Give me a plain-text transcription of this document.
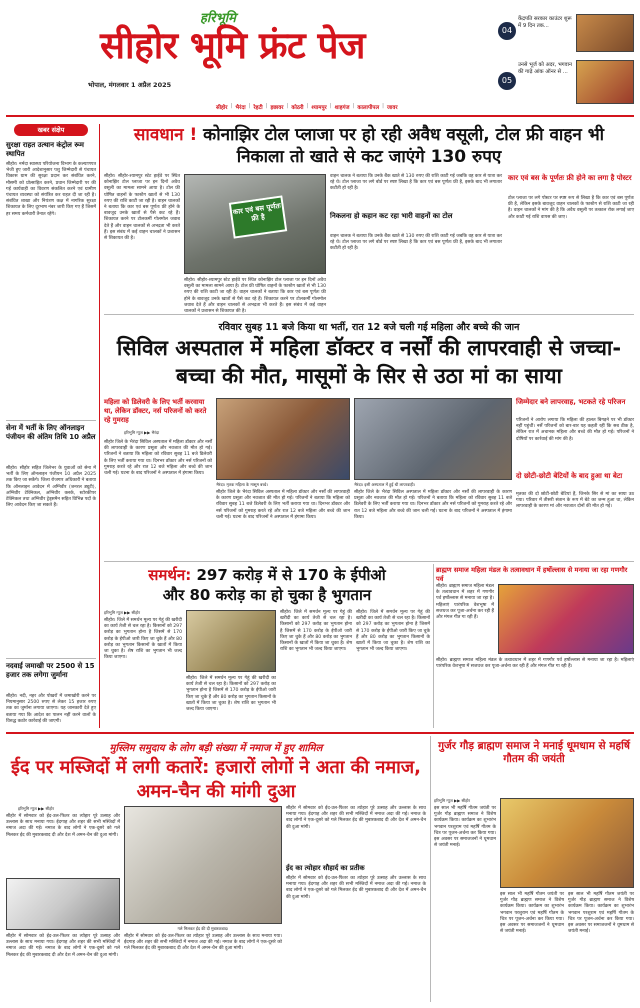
हरिभूमि
सीहोर भूमि फ्रंट पेज
भोपाल, मंगलवार 1 अप्रैल 2025
04
केंद्रपति सरकार काउंटर शुरू में 9 दिन तक...
05
उनसे भूर्ज को अदर, भगवान की गाढ़े आंक ऑनर से ...
सीहोर | भैरंदा | रेहटी | इछावर | कोठरी | श्यामपुर | शाहगंज | कालापीपल | जावर
खबर संक्षेप
सुरक्षा राहत उत्थान कंट्रोल रूम स्थापित
सीहोर। नर्मदा स्वास्थ्य परियोजना विभाग के कल्याणपत्र भेजी हुए जारी आदेशानुसार पशु जिम्मेदारी से पंचायत विकास ग्राम की सुरक्षा प्रदान कर संबंधित करने, मौसमी को प्रोत्साहित करने, प्रधान जिम्मेदारी पर की गई कार्यवाही का विवरण संकलित करने एवं ग्रामीण पंचायत व्यवस्था को संयंत्रित कर राहत दी जा रही है। संबंधित शाखा और नियंत्रण कक्ष में नागरिक सुरक्षा शिकायत के लिए दूरभाष नंबर जारी किए गए हैं जिसमें हर समय कर्मचारी तैनात रहेंगे।
सेना में भर्ती के लिए ऑनलाइन पंजीयन की अंतिम तिथि 10 अप्रैल
सीहोर। सीहोर सहित जिलेभर के युवाओं को सेना में भर्ती के लिए ऑनलाइन पंजीयन 10 अप्रैल 2025 तक किए जा सकेंगे। जिला रोजगार अधिकारी ने बताया कि ऑनलाइन आवेदन में अग्निवीर (जनरल ड्यूटी), अग्निवीर टेक्निकल, अग्निवीर क्लर्क, स्टोरकीपर टेक्निकल तथा अग्निवीर ट्रेड्समैन सहित विभिन्न पदों के लिए आवेदन किए जा सकते हैं।
नदवाई जमाखी पर 2500 से 15 हजार तक लगेगा जुर्माना
सीहोर। नदी, नहर और पोखरों में जमाखोरी करने पर नियमानुसार 2500 रुपए से लेकर 15 हजार रुपए तक का जुर्माना लगाया जाएगा। यह जानकारी देते हुए बताया गया कि आदेश का पालन नहीं करने वालों के विरुद्ध कठोर कार्रवाई की जाएगी।
सावधान ! कोनाझिर टोल प्लाजा पर हो रही अवैध वसूली, टोल फ्री वाहन भी निकाला तो खाते से कट जाएंगे 130 रुपए
सीहोर। सीहोर-श्यामपुर स्टेट हाईवे पर स्थित कोनाझिर टोल प्लाजा पर इन दिनों अवैध वसूली का मामला सामने आया है। टोल फ्री घोषित वाहनों के फास्टैग खातों से भी 130 रुपए की राशि काटी जा रही है। वाहन चालकों ने बताया कि कार एवं बस पूर्णतः फ्री होने के बावजूद उनके खातों से पैसे कट रहे हैं। शिकायत करने पर टोलकर्मी गोलमोल जवाब देते हैं और वाहन चालकों से अभद्रता भी करते हैं। इस संबंध में कई वाहन चालकों ने प्रशासन से शिकायत की है।
कार एवं बस पूर्णतः फ्री है
सीहोर। सीहोर-श्यामपुर स्टेट हाईवे पर स्थित कोनाझिर टोल प्लाजा पर इन दिनों अवैध वसूली का मामला सामने आया है। टोल फ्री घोषित वाहनों के फास्टैग खातों से भी 130 रुपए की राशि काटी जा रही है। वाहन चालकों ने बताया कि कार एवं बस पूर्णतः फ्री होने के बावजूद उनके खातों से पैसे कट रहे हैं। शिकायत करने पर टोलकर्मी गोलमोल जवाब देते हैं और वाहन चालकों से अभद्रता भी करते हैं। इस संबंध में कई वाहन चालकों ने प्रशासन से शिकायत की है।
वाहन चालक ने बताया कि उनके बैंक खाते से 130 रुपए की राशि काटी गई जबकि वह कार से यात्रा कर रहे थे। टोल प्लाजा पर लगे बोर्ड पर स्पष्ट लिखा है कि कार एवं बस पूर्णतः फ्री है, इसके बाद भी लगातार कटौती हो रही है।
निकलना हो कहान कट रहा भारी वाहनों का टोल
वाहन चालक ने बताया कि उनके बैंक खाते से 130 रुपए की राशि काटी गई जबकि वह कार से यात्रा कर रहे थे। टोल प्लाजा पर लगे बोर्ड पर स्पष्ट लिखा है कि कार एवं बस पूर्णतः फ्री है, इसके बाद भी लगातार कटौती हो रही है।
कार एवं बस के पूर्णतः फ्री होने का लगा है पोस्टर
टोल प्लाजा पर लगे पोस्टर पर स्पष्ट रूप से लिखा है कि कार एवं बस पूर्णतः फ्री है, लेकिन इसके बावजूद वाहन चालकों के फास्टैग से राशि काटी जा रही है। वाहन चालकों ने मांग की है कि अवैध वसूली पर तत्काल रोक लगाई जाए और काटी गई राशि वापस की जाए।
रविवार सुबह 11 बजे किया था भर्ती, रात 12 बजे चली गई महिला और बच्चे की जान
सिविल अस्पताल में महिला डॉक्टर व नर्सों की लापरवाही से जच्चा-बच्चा की मौत, मासूमों के सिर से उठा मां का साया
महिला को डिलेवरी के लिए भर्ती करवाया था, लेकिन डॉक्टर, नर्स परिजनों को करते रहे गुमराह
हरिभूमि न्यूज ▶▶ भैरंदा
सीहोर जिले के भैरंदा सिविल अस्पताल में महिला डॉक्टर और नर्सों की लापरवाही के कारण प्रसूता और नवजात की मौत हो गई। परिजनों ने बताया कि महिला को रविवार सुबह 11 बजे डिलेवरी के लिए भर्ती कराया गया था। दिनभर डॉक्टर और नर्स परिजनों को गुमराह करते रहे और रात 12 बजे महिला और बच्चे की जान चली गई। घटना के बाद परिजनों ने अस्पताल में हंगामा किया।
भैरंदा। मृतक महिला के मासूम बच्चे।
सीहोर जिले के भैरंदा सिविल अस्पताल में महिला डॉक्टर और नर्सों की लापरवाही के कारण प्रसूता और नवजात की मौत हो गई। परिजनों ने बताया कि महिला को रविवार सुबह 11 बजे डिलेवरी के लिए भर्ती कराया गया था। दिनभर डॉक्टर और नर्स परिजनों को गुमराह करते रहे और रात 12 बजे महिला और बच्चे की जान चली गई। घटना के बाद परिजनों ने अस्पताल में हंगामा किया।
भैरंदा। इसी अस्पताल में हुई थी लापरवाही।
सीहोर जिले के भैरंदा सिविल अस्पताल में महिला डॉक्टर और नर्सों की लापरवाही के कारण प्रसूता और नवजात की मौत हो गई। परिजनों ने बताया कि महिला को रविवार सुबह 11 बजे डिलेवरी के लिए भर्ती कराया गया था। दिनभर डॉक्टर और नर्स परिजनों को गुमराह करते रहे और रात 12 बजे महिला और बच्चे की जान चली गई। घटना के बाद परिजनों ने अस्पताल में हंगामा किया।
जिम्मेदार बने लापरवाह, भटकते रहे परिजन
परिजनों ने आरोप लगाया कि महिला की हालत बिगड़ने पर भी डॉक्टर नहीं पहुंचीं। नर्सें परिजनों को बार-बार यह कहती रहीं कि सब ठीक है, लेकिन रात में अचानक महिला और बच्चे की मौत हो गई। परिजनों ने दोषियों पर कार्रवाई की मांग की है।
दो छोटी-छोटी बेटियों के बाद हुआ था बेटा
मृतका की दो छोटी-छोटी बेटियां हैं, जिनके सिर से मां का साया उठ गया। परिवार में तीसरी संतान के रूप में बेटे का जन्म हुआ था, लेकिन लापरवाही के कारण मां और नवजात दोनों की मौत हो गई।
समर्थन: 297 करोड़ में से 170 के ईपीओ
और 80 करोड़ का हो चुका है भुगतान
हरिभूमि न्यूज ▶▶ सीहोर
सीहोर। जिले में समर्थन मूल्य पर गेहूं की खरीदी का कार्य तेजी से चल रहा है। किसानों को 297 करोड़ का भुगतान होना है जिसमें से 170 करोड़ के ईपीओ जारी किए जा चुके हैं और 80 करोड़ का भुगतान किसानों के खातों में किया जा चुका है। शेष राशि का भुगतान भी जल्द किया जाएगा।
सीहोर। जिले में समर्थन मूल्य पर गेहूं की खरीदी का कार्य तेजी से चल रहा है। किसानों को 297 करोड़ का भुगतान होना है जिसमें से 170 करोड़ के ईपीओ जारी किए जा चुके हैं और 80 करोड़ का भुगतान किसानों के खातों में किया जा चुका है। शेष राशि का भुगतान भी जल्द किया जाएगा।
सीहोर। जिले में समर्थन मूल्य पर गेहूं की खरीदी का कार्य तेजी से चल रहा है। किसानों को 297 करोड़ का भुगतान होना है जिसमें से 170 करोड़ के ईपीओ जारी किए जा चुके हैं और 80 करोड़ का भुगतान किसानों के खातों में किया जा चुका है। शेष राशि का भुगतान भी जल्द किया जाएगा।
सीहोर। जिले में समर्थन मूल्य पर गेहूं की खरीदी का कार्य तेजी से चल रहा है। किसानों को 297 करोड़ का भुगतान होना है जिसमें से 170 करोड़ के ईपीओ जारी किए जा चुके हैं और 80 करोड़ का भुगतान किसानों के खातों में किया जा चुका है। शेष राशि का भुगतान भी जल्द किया जाएगा।
ब्राह्मण समाज महिला मंडल के तत्वावधान में हर्षोल्लास से मनाया जा रहा गणगौर पर्व
सीहोर। ब्राह्मण समाज महिला मंडल के तत्वावधान में शहर में गणगौर पर्व हर्षोल्लास से मनाया जा रहा है। महिलाएं पारंपरिक वेशभूषा में सजधज कर पूजा-अर्चना कर रही हैं और मंगल गीत गा रही हैं।
सीहोर। ब्राह्मण समाज महिला मंडल के तत्वावधान में शहर में गणगौर पर्व हर्षोल्लास से मनाया जा रहा है। महिलाएं पारंपरिक वेशभूषा में सजधज कर पूजा-अर्चना कर रही हैं और मंगल गीत गा रही हैं।
मुस्लिम समुदाय के लोग बड़ी संख्या में नमाज में हुए शामिल
ईद पर मस्जिदों में लगी कतारें: हजारों लोगों ने अता की नमाज, अमन-चैन की मांगी दुआ
हरिभूमि न्यूज ▶▶ सीहोर
सीहोर में सोमवार को ईद-उल-फितर का त्योहार पूरे उत्साह और उल्लास के साथ मनाया गया। ईदगाह और शहर की सभी मस्जिदों में नमाज अदा की गई। नमाज के बाद लोगों ने एक-दूसरे को गले मिलकर ईद की मुबारकबाद दी और देश में अमन-चैन की दुआ मांगी।
सीहोर में सोमवार को ईद-उल-फितर का त्योहार पूरे उत्साह और उल्लास के साथ मनाया गया। ईदगाह और शहर की सभी मस्जिदों में नमाज अदा की गई। नमाज के बाद लोगों ने एक-दूसरे को गले मिलकर ईद की मुबारकबाद दी और देश में अमन-चैन की दुआ मांगी।
गले मिलकर ईद की दी मुबारकबाद।
सीहोर में सोमवार को ईद-उल-फितर का त्योहार पूरे उत्साह और उल्लास के साथ मनाया गया। ईदगाह और शहर की सभी मस्जिदों में नमाज अदा की गई। नमाज के बाद लोगों ने एक-दूसरे को गले मिलकर ईद की मुबारकबाद दी और देश में अमन-चैन की दुआ मांगी।
सीहोर में सोमवार को ईद-उल-फितर का त्योहार पूरे उत्साह और उल्लास के साथ मनाया गया। ईदगाह और शहर की सभी मस्जिदों में नमाज अदा की गई। नमाज के बाद लोगों ने एक-दूसरे को गले मिलकर ईद की मुबारकबाद दी और देश में अमन-चैन की दुआ मांगी।
ईद का त्योहार सौहार्द का प्रतीक
सीहोर में सोमवार को ईद-उल-फितर का त्योहार पूरे उत्साह और उल्लास के साथ मनाया गया। ईदगाह और शहर की सभी मस्जिदों में नमाज अदा की गई। नमाज के बाद लोगों ने एक-दूसरे को गले मिलकर ईद की मुबारकबाद दी और देश में अमन-चैन की दुआ मांगी।
गुर्जर गौड़ ब्राह्मण समाज ने मनाई धूमधाम से महर्षि गौतम की जयंती
हरिभूमि न्यूज ▶▶ सीहोर
इस साल भी महर्षि गौतम जयंती पर गुर्जर गौड़ ब्राह्मण समाज ने विशेष कार्यक्रम किया। कार्यक्रम का शुभारंभ भगवान परशुराम एवं महर्षि गौतम के चित्र पर पूजन-अर्चना कर किया गया। इस अवसर पर समाजजनों ने धूमधाम से जयंती मनाई।
इस साल भी महर्षि गौतम जयंती पर गुर्जर गौड़ ब्राह्मण समाज ने विशेष कार्यक्रम किया। कार्यक्रम का शुभारंभ भगवान परशुराम एवं महर्षि गौतम के चित्र पर पूजन-अर्चना कर किया गया। इस अवसर पर समाजजनों ने धूमधाम से जयंती मनाई।
इस साल भी महर्षि गौतम जयंती पर गुर्जर गौड़ ब्राह्मण समाज ने विशेष कार्यक्रम किया। कार्यक्रम का शुभारंभ भगवान परशुराम एवं महर्षि गौतम के चित्र पर पूजन-अर्चना कर किया गया। इस अवसर पर समाजजनों ने धूमधाम से जयंती मनाई।
